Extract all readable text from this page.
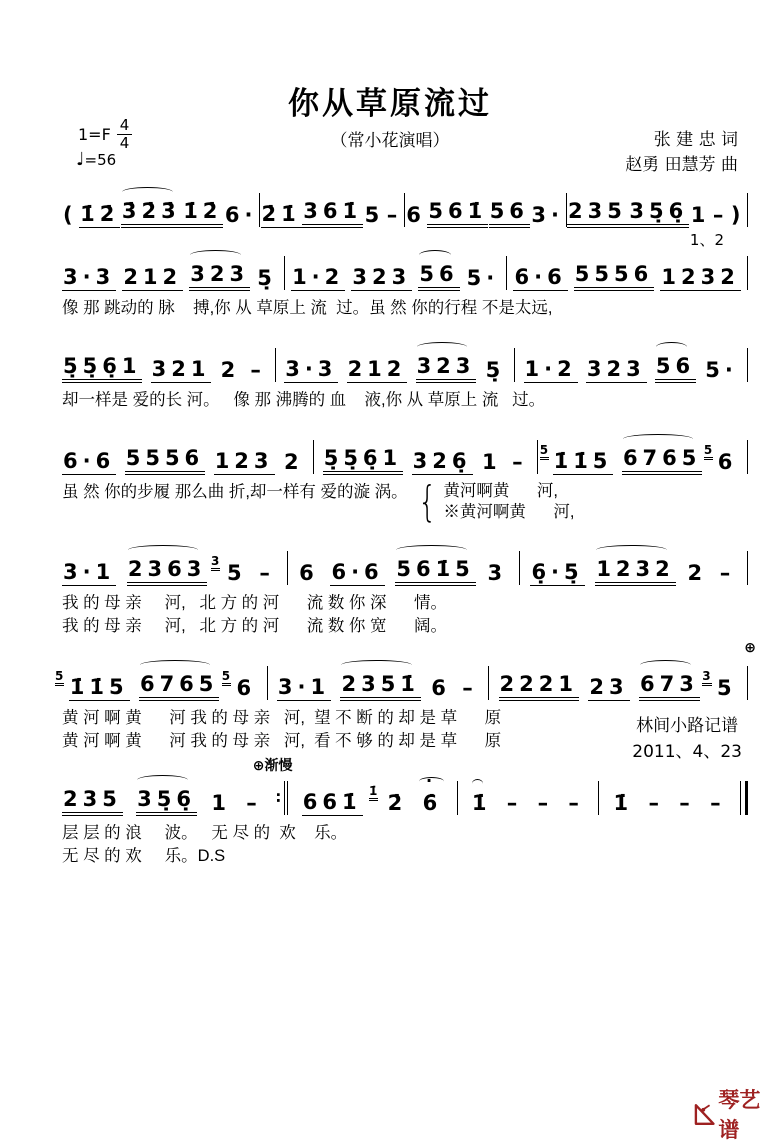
你从草原流过
（常小花演唱）
$1=F \frac{4}{4}$
♩=56
张 建 忠 词
赵勇 田慧芳 曲
( 1̇2̇ 3̇2̇3̇ 1̇2̇ 6· 2̇1̇ 361̇ 5 – 6 561̇ 56 3· 235 35̣6̣ 1 – )
1、2
3·3 212 323 5̣ 1·2 323 56 5· 6·6 5556 1232
像 那 跳动的 脉    搏,你 从 草原上 流  过。虽 然 你的行程 不是太远,
5̣5̣6̣1 321 2 – 3·3 212 323 5̣ 1·2 323 56 5·
却一样是 爱的长 河。   像 那 沸腾的 血    液,你 从 草原上 流   过。
6·6 5556 123 2 5̣5̣6̣1 326̣ 1 – 5 1̇1̇5 6765 5 6
虽 然 你的步履 那么曲 折,却一样有 爱的漩 涡。 { 黄河啊黄      河,
※黄河啊黄      河,
3·1 2363 3 5 – 6 6·6 561̇5 3 6̣·5̣ 1232 2 –
我 的 母 亲     河,   北 方 的 河      流 数 你 深      情。
我 的 母 亲     河,   北 方 的 河      流 数 你 宽      阔。
5 1̇1̇5 6765 5 6 3·1 2351̇ 6 – 2221 23 673 3 5
⊕
黄 河 啊 黄      河 我 的 母 亲   河,  望 不 断 的 却 是 草      原
黄 河 啊 黄      河 我 的 母 亲   河,  看 不 够 的 却 是 草      原
235 35̣6̣ 1 – ∶
⊕渐慢
661̇ 1̇ 2̇ 6̇ · 1̇ – – – 1̇ – – –
层 层 的 浪     波。   无 尽 的  欢    乐。
无 尽 的 欢     乐。D.S
林间小路记谱
2011、4、23
琴艺谱
